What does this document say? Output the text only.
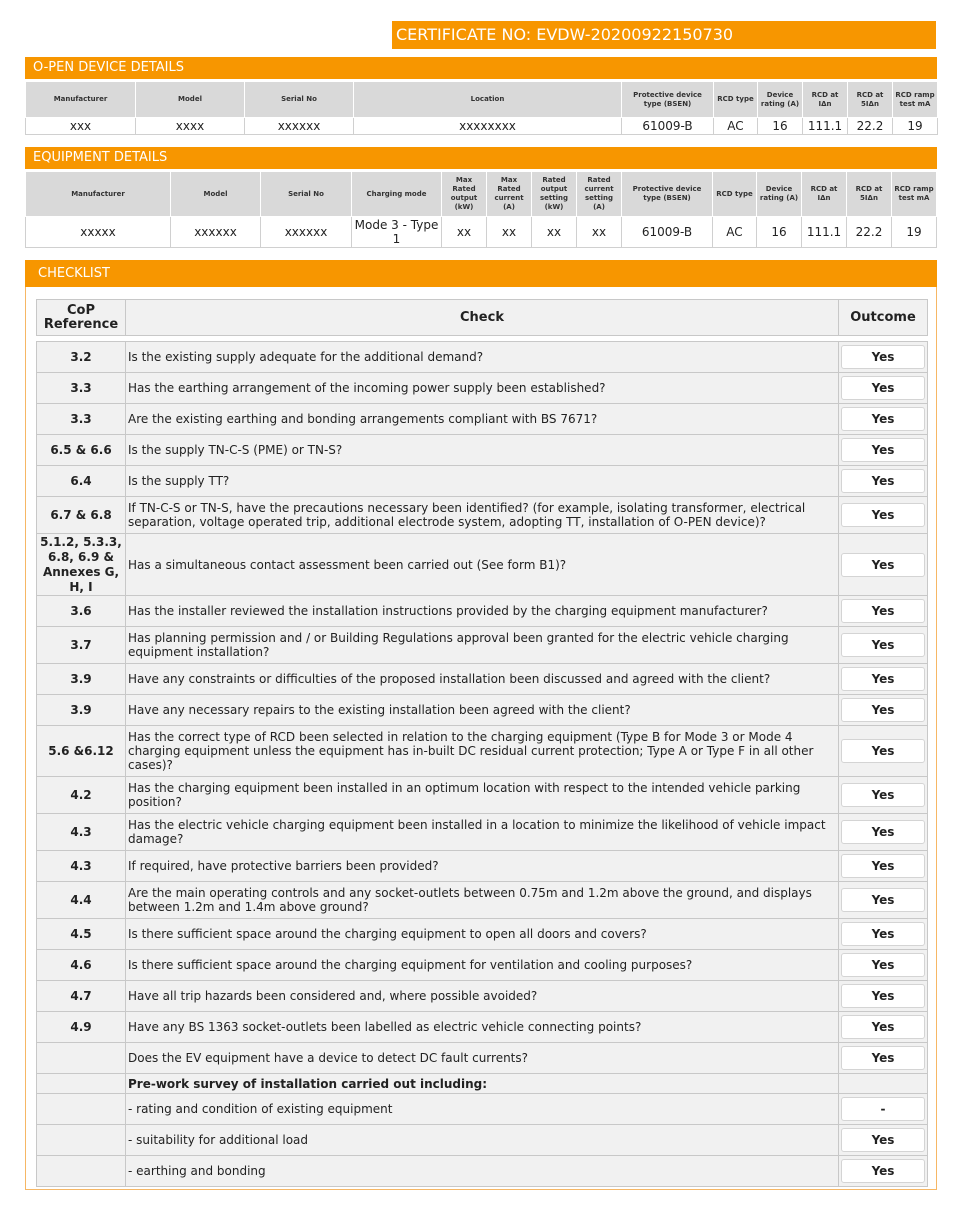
CERTIFICATE NO: EVDW-20200922150730
O-PEN DEVICE DETAILS
Manufacturer	Model	Serial No	Location	Protective device type (BSEN)	RCD type	Device rating (A)	RCD at IΔn	RCD at 5IΔn	RCD ramp test mA
xxx	xxxx	xxxxxx	xxxxxxxx	61009-B	AC	16	111.1	22.2	19
EQUIPMENT DETAILS
Manufacturer	Model	Serial No	Charging mode	Max Rated output (kW)	Max Rated current (A)	Rated output setting (kW)	Rated current setting (A)	Protective device type (BSEN)	RCD type	Device rating (A)	RCD at IΔn	RCD at 5IΔn	RCD ramp test mA
xxxxx	xxxxxx	xxxxxx	Mode 3 - Type 1	xx	xx	xx	xx	61009-B	AC	16	111.1	22.2	19
CHECKLIST
CoP Reference	Check	Outcome

3.2	Is the existing supply adequate for the additional demand?	Yes

3.3	Has the earthing arrangement of the incoming power supply been established?	Yes

3.3	Are the existing earthing and bonding arrangements compliant with BS 7671?	Yes

6.5 & 6.6	Is the supply TN-C-S (PME) or TN-S?	Yes

6.4	Is the supply TT?	Yes

6.7 & 6.8	If TN-C-S or TN-S, have the precautions necessary been identified? (for example, isolating transformer, electrical separation, voltage operated trip, additional electrode system, adopting TT, installation of O-PEN device)?	Yes

5.1.2, 5.3.3, 6.8, 6.9 & Annexes G, H, I	Has a simultaneous contact assessment been carried out (See form B1)?	Yes

3.6	Has the installer reviewed the installation instructions provided by the charging equipment manufacturer?	Yes

3.7	Has planning permission and / or Building Regulations approval been granted for the electric vehicle charging equipment installation?	Yes

3.9	Have any constraints or difficulties of the proposed installation been discussed and agreed with the client?	Yes

3.9	Have any necessary repairs to the existing installation been agreed with the client?	Yes

5.6 &6.12	Has the correct type of RCD been selected in relation to the charging equipment (Type B for Mode 3 or Mode 4 charging equipment unless the equipment has in-built DC residual current protection; Type A or Type F in all other cases)?	Yes

4.2	Has the charging equipment been installed in an optimum location with respect to the intended vehicle parking position?	Yes

4.3	Has the electric vehicle charging equipment been installed in a location to minimize the likelihood of vehicle impact damage?	Yes

4.3	If required, have protective barriers been provided?	Yes

4.4	Are the main operating controls and any socket-outlets between 0.75m and 1.2m above the ground, and displays between 1.2m and 1.4m above ground?	Yes

4.5	Is there sufficient space around the charging equipment to open all doors and covers?	Yes

4.6	Is there sufficient space around the charging equipment for ventilation and cooling purposes?	Yes

4.7	Have all trip hazards been considered and, where possible avoided?	Yes

4.9	Have any BS 1363 socket-outlets been labelled as electric vehicle connecting points?	Yes

	Does the EV equipment have a device to detect DC fault currents?	Yes

	Pre-work survey of installation carried out including:	
	- rating and condition of existing equipment	-

	- suitability for additional load	Yes

	- earthing and bonding	Yes
